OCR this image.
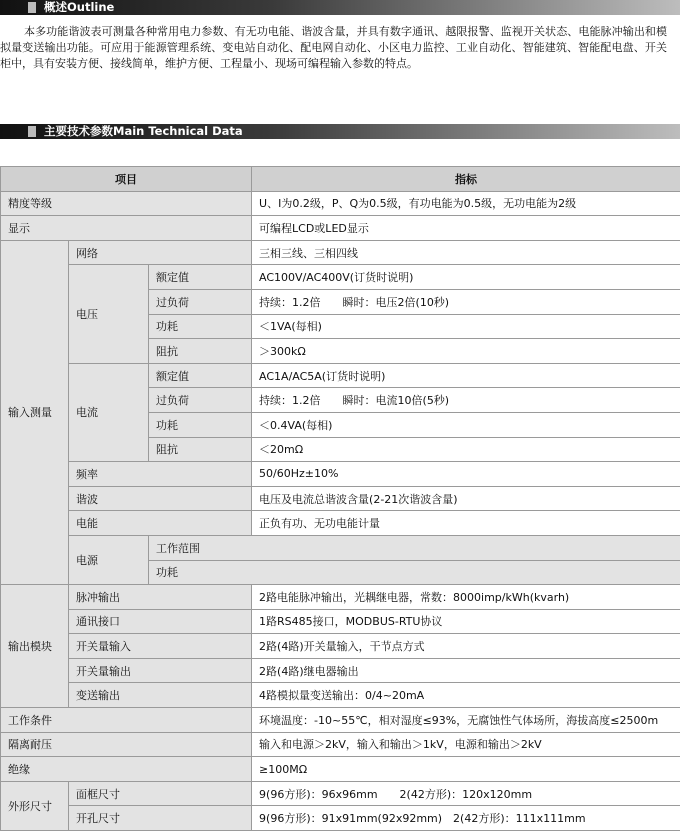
概述Outline

本多功能谐波表可测量各种常用电力参数、有无功电能、谐波含量，并具有数字通讯、越限报警、监视开关状态、电能脉冲输出和模拟量变送输出功能。可应用于能源管理系统、变电站自动化、配电网自动化、小区电力监控、工业自动化、智能建筑、智能配电盘、开关柜中，具有安装方便、接线简单，维护方便、工程量小、现场可编程输入参数的特点。

主要技术参数Main Technical Data
项目			指标	
精度等级			U、I为0.2级，P、Q为0.5级，有功电能为0.5级，无功电能为2级	
显示			可编程LCD或LED显示	
输入测量	网络		三相三线、三相四线	
	电压	额定值	AC100V/AC400V(订货时说明)	
		过负荷	持续：1.2倍　　瞬时：电压2倍(10秒)	
		功耗	＜1VA(每相)	
		阻抗	＞300kΩ	
	电流	额定值	AC1A/AC5A(订货时说明)	
		过负荷	持续：1.2倍　　瞬时：电流10倍(5秒)	
		功耗	＜0.4VA(每相)	
		阻抗	＜20mΩ	
	频率		50/60Hz±10%	
	谐波		电压及电流总谐波含量(2-21次谐波含量)	
	电能		正负有功、无功电能计量	
	电源	工作范围	
		功耗	
输出模块	脉冲输出		2路电能脉冲输出，光耦继电器，常数：8000imp/kWh(kvarh)	
	通讯接口		1路RS485接口，MODBUS-RTU协议	
	开关量输入		2路(4路)开关量输入，干节点方式	
	开关量输出		2路(4路)继电器输出	
	变送输出		4路模拟量变送输出：0/4~20mA	
工作条件			环境温度：-10~55℃，相对湿度≤93%，无腐蚀性气体场所，海拔高度≤2500m	
隔离耐压			输入和电源＞2kV，输入和输出＞1kV，电源和输出＞2kV	
绝缘			≥100MΩ	
外形尺寸	面框尺寸		9(96方形)：96x96mm　　2(42方形)：120x120mm	
	开孔尺寸		9(96方形)：91x91mm(92x92mm)　2(42方形)：111x111mm	
